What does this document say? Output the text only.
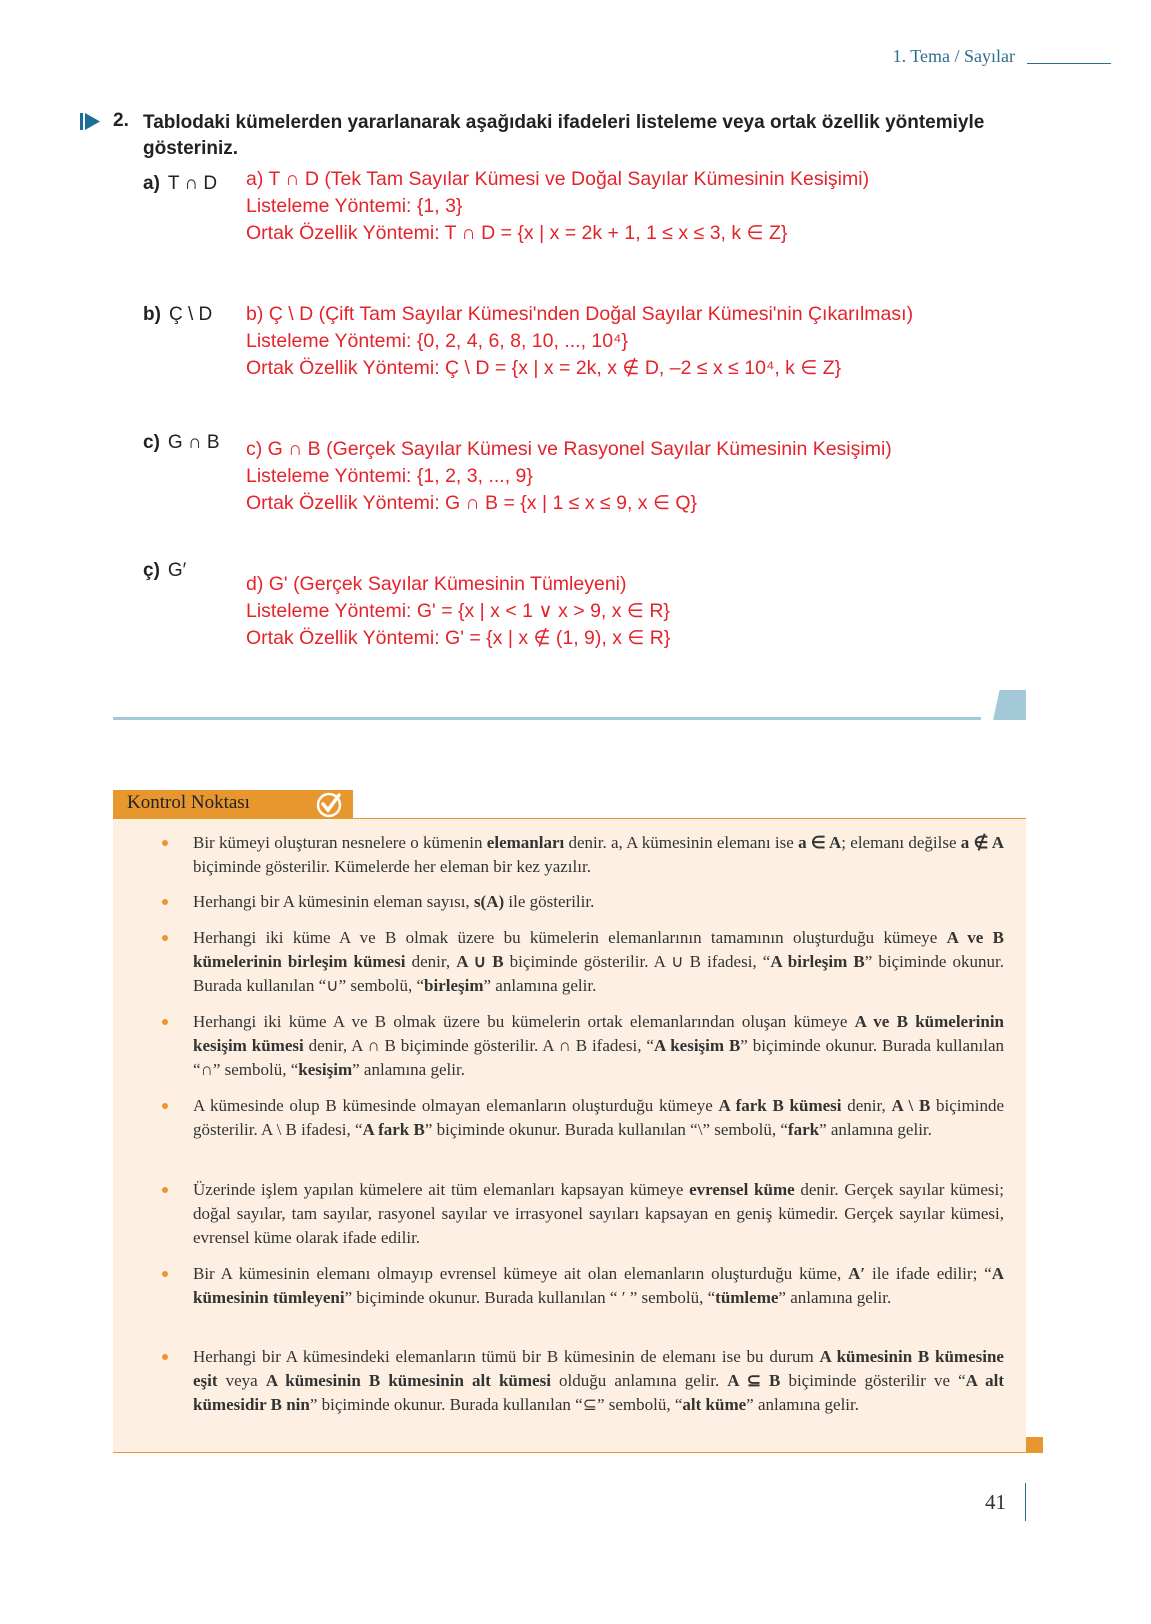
1. Tema / Sayılar
2. Tablodaki kümelerden yararlanarak aşağıdaki ifadeleri listeleme veya ortak özellik yöntemiyle gösteriniz.
a) T ∩ D a) T ∩ D (Tek Tam Sayılar Kümesi ve Doğal Sayılar Kümesinin Kesişimi)
Listeleme Yöntemi: {1, 3}
Ortak Özellik Yöntemi: T ∩ D = {x | x = 2k + 1, 1 ≤ x ≤ 3, k ∈ Z}
b) Ç \ D b) Ç \ D (Çift Tam Sayılar Kümesi'nden Doğal Sayılar Kümesi'nin Çıkarılması)
Listeleme Yöntemi: {0, 2, 4, 6, 8, 10, ..., 10⁴}
Ortak Özellik Yöntemi: Ç \ D = {x | x = 2k, x ∉ D, –2 ≤ x ≤ 10⁴, k ∈ Z}
c) G ∩ B c) G ∩ B (Gerçek Sayılar Kümesi ve Rasyonel Sayılar Kümesinin Kesişimi)
Listeleme Yöntemi: {1, 2, 3, ..., 9}
Ortak Özellik Yöntemi: G ∩ B = {x | 1 ≤ x ≤ 9, x ∈ Q}
ç) G′
d) G' (Gerçek Sayılar Kümesinin Tümleyeni)
Listeleme Yöntemi: G' = {x | x < 1 ∨ x > 9, x ∈ R}
Ortak Özellik Yöntemi: G' = {x | x ∉ (1, 9), x ∈ R}
Kontrol Noktası
Bir kümeyi oluşturan nesnelere o kümenin elemanları denir. a, A kümesinin elemanı ise a ∈ A; elemanı değilse a ∉ A biçiminde gösterilir. Kümelerde her eleman bir kez yazılır.
Herhangi bir A kümesinin eleman sayısı, s(A) ile gösterilir.
Herhangi iki küme A ve B olmak üzere bu kümelerin elemanlarının tamamının oluşturduğu kümeye A ve B kümelerinin birleşim kümesi denir, A ∪ B biçiminde gösterilir. A ∪ B ifadesi, “A birleşim B” biçiminde okunur. Burada kullanılan “∪” sembolü, “birleşim” anlamına gelir.
Herhangi iki küme A ve B olmak üzere bu kümelerin ortak elemanlarından oluşan kümeye A ve B kümelerinin kesişim kümesi denir, A ∩ B biçiminde gösterilir. A ∩ B ifadesi, “A kesişim B” biçiminde okunur. Burada kullanılan “∩” sembolü, “kesişim” anlamına gelir.
A kümesinde olup B kümesinde olmayan elemanların oluşturduğu kümeye A fark B kümesi denir, A \ B biçiminde gösterilir. A \ B ifadesi, “A fark B” biçiminde okunur. Burada kullanılan “\” sembolü, “fark” anlamına gelir.
Üzerinde işlem yapılan kümelere ait tüm elemanları kapsayan kümeye evrensel küme denir. Gerçek sayılar kümesi; doğal sayılar, tam sayılar, rasyonel sayılar ve irrasyonel sayıları kapsayan en geniş kümedir. Gerçek sayılar kümesi, evrensel küme olarak ifade edilir.
Bir A kümesinin elemanı olmayıp evrensel kümeye ait olan elemanların oluşturduğu küme, A′ ile ifade edilir; “A kümesinin tümleyeni” biçiminde okunur. Burada kullanılan “ ′ ” sembolü, “tümleme” anlamına gelir.
Herhangi bir A kümesindeki elemanların tümü bir B kümesinin de elemanı ise bu durum A kümesinin B kümesine eşit veya A kümesinin B kümesinin alt kümesi olduğu anlamına gelir. A ⊆ B biçiminde gösterilir ve “A alt kümesidir B nin” biçiminde okunur. Burada kullanılan “⊆” sembolü, “alt küme” anlamına gelir.
41
